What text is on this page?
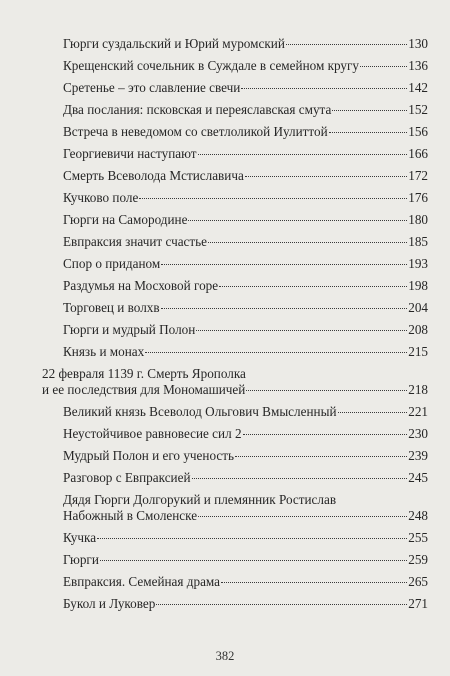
Гюрги суздальский и Юрий муромский	130
Крещенский сочельник в Суждале в семейном кругу	136
Сретенье – это славление свечи	142
Два послания: псковская и переяславская смута	152
Встреча в неведомом со светлоликой Иулиттой	156
Георгиевичи наступают	166
Смерть Всеволода Мстиславича	172
Кучково поле	176
Гюрги на Самородине	180
Евпраксия значит счастье	185
Спор о приданом	193
Раздумья на Мосховой горе	198
Торговец и волхв	204
Гюрги и мудрый Полон	208
Князь и монах	215
22 февраля 1139 г. Смерть Ярополка
и ее последствия для Мономашичей	218
Великий князь Всеволод Ольгович Вмысленный	221
Неустойчивое равновесие сил 2	230
Мудрый Полон и его ученость	239
Разговор с Евпраксией	245
Дядя Гюрги Долгорукий и племянник Ростислав
Набожный в Смоленске	248
Кучка	255
Гюрги	259
Евпраксия. Семейная драма	265
Букол и Луковер	271
382
